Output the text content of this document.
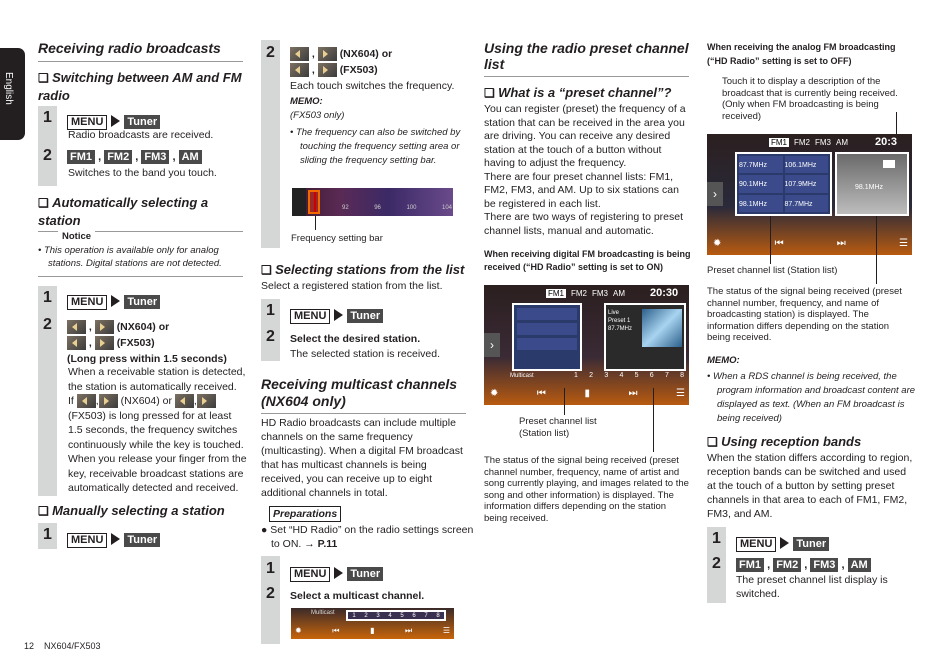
English
Receiving radio broadcasts
❑ Switching between AM and FM radio
1	MENU Tuner
Radio broadcasts are received.
2	FM1 , FM2 , FM3 , AM
Switches to the band you touch.
❑ Automatically selecting a station
Notice
• This operation is available only for analog stations. Digital stations are not detected.
1	MENU Tuner
2	,  (NX604) or
,  (FX503)
(Long press within 1.5 seconds)
When a receivable station is detected, the station is automatically received.
If , (NX604) or ,
(FX503) is long pressed for at least 1.5 seconds, the frequency switches continuously while the key is touched. When you release your finger from the key, receivable broadcast stations are automatically detected and received.
❑ Manually selecting a station
1	MENU Tuner
2	,  (NX604) or
,  (FX503)
Each touch switches the frequency.
MEMO:
(FX503 only)
• The frequency can also be switched by touching the frequency setting area or sliding the frequency setting bar.
92	96	100	104
Frequency setting bar
❑ Selecting stations from the list
Select a registered station from the list.
1	MENU Tuner
2	Select the desired station.
The selected station is received.
Receiving multicast channels (NX604 only)
HD Radio broadcasts can include multiple channels on the same frequency (multicasting). When a digital FM broadcast that has multicast channels is being received, you can receive up to eight additional channels in total.
Preparations
● Set “HD Radio” on the radio settings screen to ON. → P.11
1	MENU Tuner
2	Select a multicast channel.
Multicast	1 2 3 4 5 6 7 8
✹	⏮	▮	⏭	☰
Using the radio preset channel list
❑ What is a “preset channel”?
You can register (preset) the frequency of a station that can be received in the area you are driving. You can receive any desired station at the touch of a button without having to adjust the frequency.
There are four preset channel lists: FM1, FM2, FM3, and AM. Up to six stations can be registered in each list.
There are two ways of registering to preset channel lists, manual and automatic.
When receiving digital FM broadcasting is being received (“HD Radio” setting is set to ON)
FM1 FM2 FM3 AM 20:30
›
Live
Preset 1
87.7MHz
Multicast	1 2 3 4 5 6 7 8
✹	⏮	▮	⏭	☰
Preset channel list (Station list)
The status of the signal being received (preset channel number, frequency, name of artist and song currently playing, and images related to the song and other information) is displayed. The information differs depending on the station being received.
When receiving the analog FM broadcasting (“HD Radio” setting is set to OFF)
Touch it to display a description of the broadcast that is currently being received. (Only when FM broadcasting is being received)
FM1 FM2 FM3 AM 20:3
›
87.7MHz	106.1MHz
90.1MHz	107.9MHz
98.1MHz	87.7MHz
98.1MHz
✹	⏮	⏭	☰
Preset channel list (Station list)
The status of the signal being received (preset channel number, frequency, and name of broadcasting station) is displayed. The information differs depending on the station being received.
MEMO:
• When a RDS channel is being received, the program information and broadcast content are displayed as text. (When an FM broadcast is being received)
❑ Using reception bands
When the station differs according to region, reception bands can be switched and used at the touch of a button by setting preset channels in that area to each of FM1, FM2, FM3, and AM.
1	MENU Tuner
2	FM1 , FM2 , FM3 , AM
The preset channel list display is switched.
12 NX604/FX503
